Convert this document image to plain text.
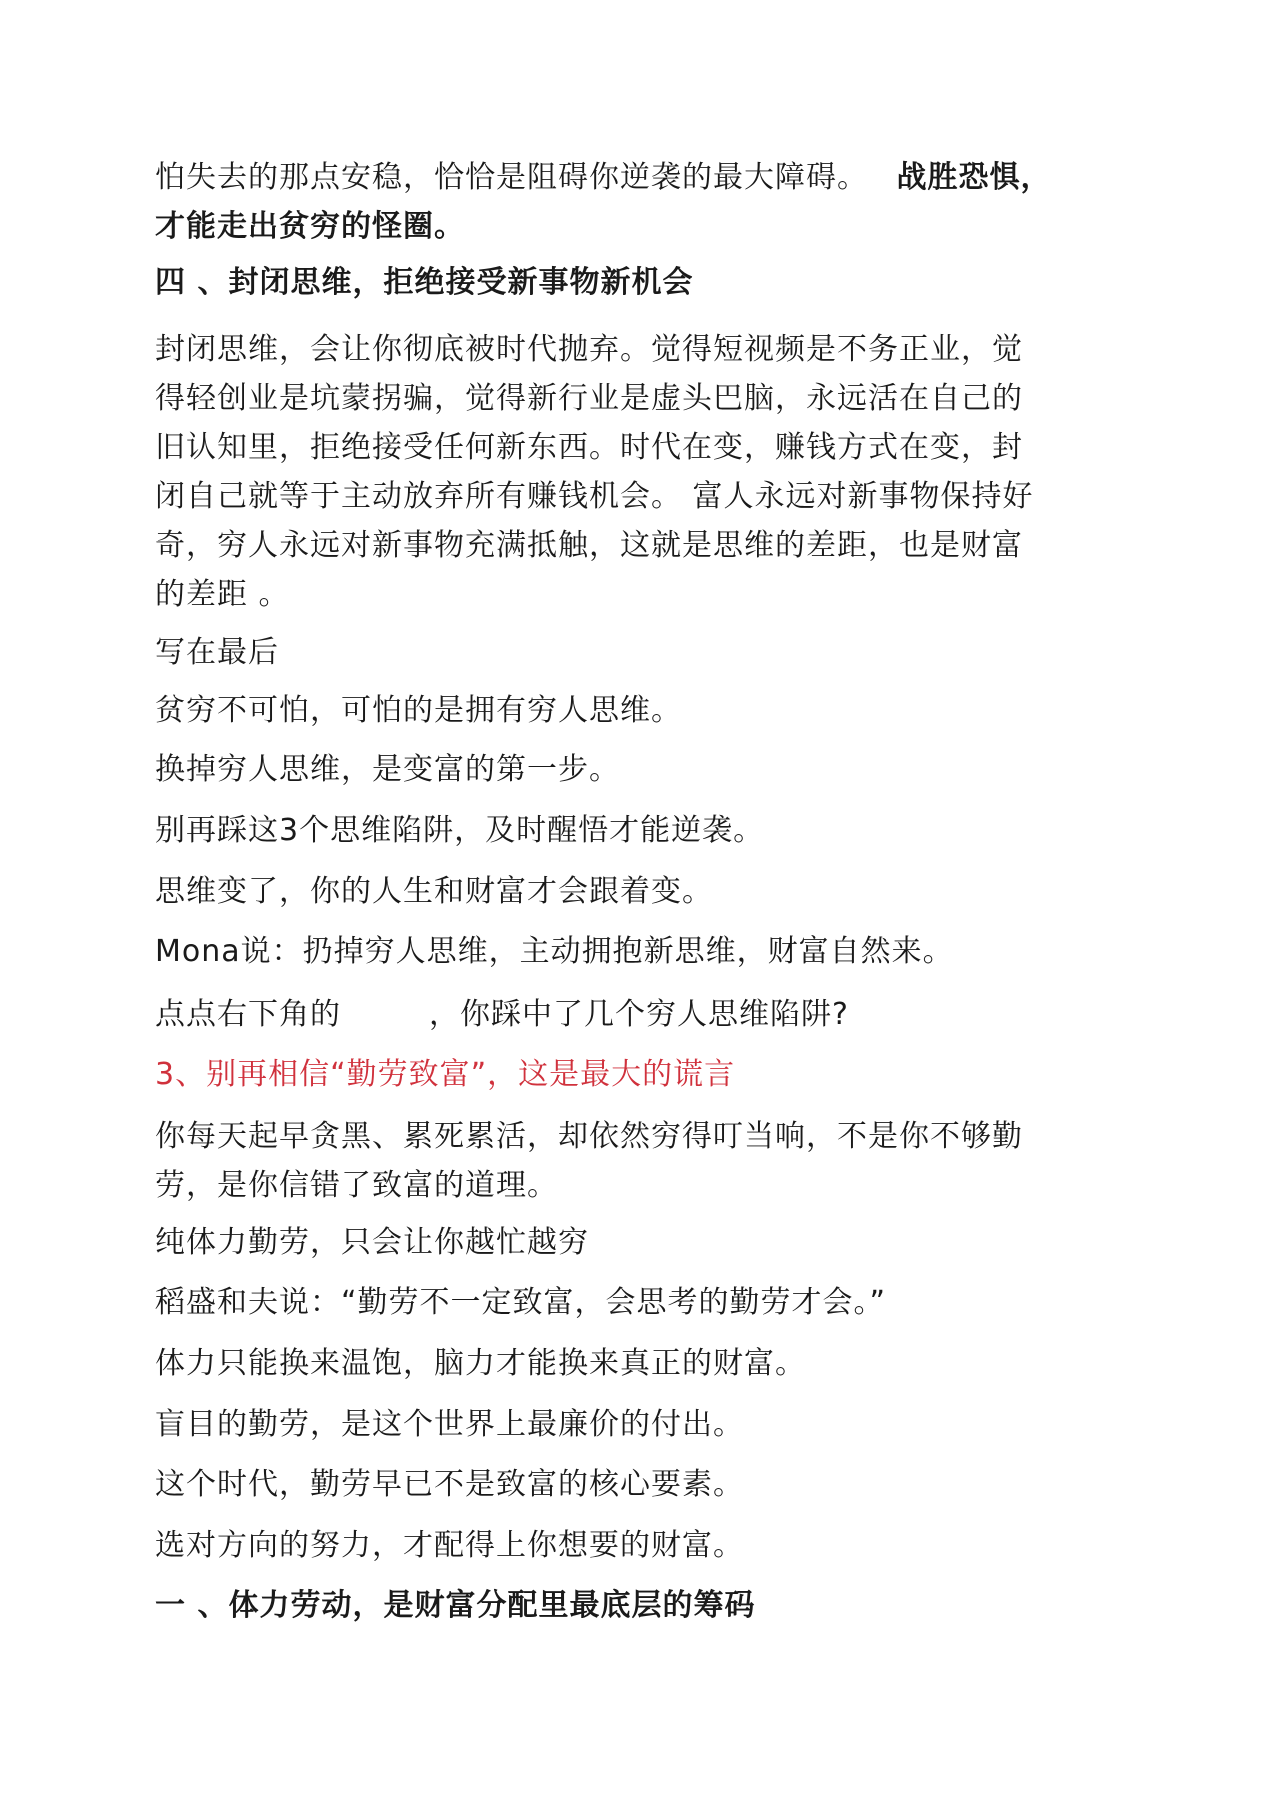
怕失去的那点安稳，恰恰是阻碍你逆袭的最大障碍。 战胜恐惧，
才能走出贫穷的怪圈。
四 、封闭思维，拒绝接受新事物新机会
封闭思维，会让你彻底被时代抛弃。觉得短视频是不务正业，觉
得轻创业是坑蒙拐骗，觉得新行业是虚头巴脑，永远活在自己的
旧认知里，拒绝接受任何新东西。时代在变，赚钱方式在变，封
闭自己就等于主动放弃所有赚钱机会。 富人永远对新事物保持好
奇，穷人永远对新事物充满抵触，这就是思维的差距，也是财富
的差距 。
写在最后
贫穷不可怕，可怕的是拥有穷人思维。
换掉穷人思维，是变富的第一步。
别再踩这3个思维陷阱，及时醒悟才能逆袭。
思维变了，你的人生和财富才会跟着变。
Mona说：扔掉穷人思维，主动拥抱新思维，财富自然来。
点点右下角的	，你踩中了几个穷人思维陷阱?
3、别再相信“勤劳致富”，这是最大的谎言
你每天起早贪黑、累死累活，却依然穷得叮当响，不是你不够勤
劳，是你信错了致富的道理。
纯体力勤劳，只会让你越忙越穷
稻盛和夫说：“勤劳不一定致富，会思考的勤劳才会。”
体力只能换来温饱，脑力才能换来真正的财富。
盲目的勤劳，是这个世界上最廉价的付出。
这个时代，勤劳早已不是致富的核心要素。
选对方向的努力，才配得上你想要的财富。
一 、体力劳动，是财富分配里最底层的筹码
